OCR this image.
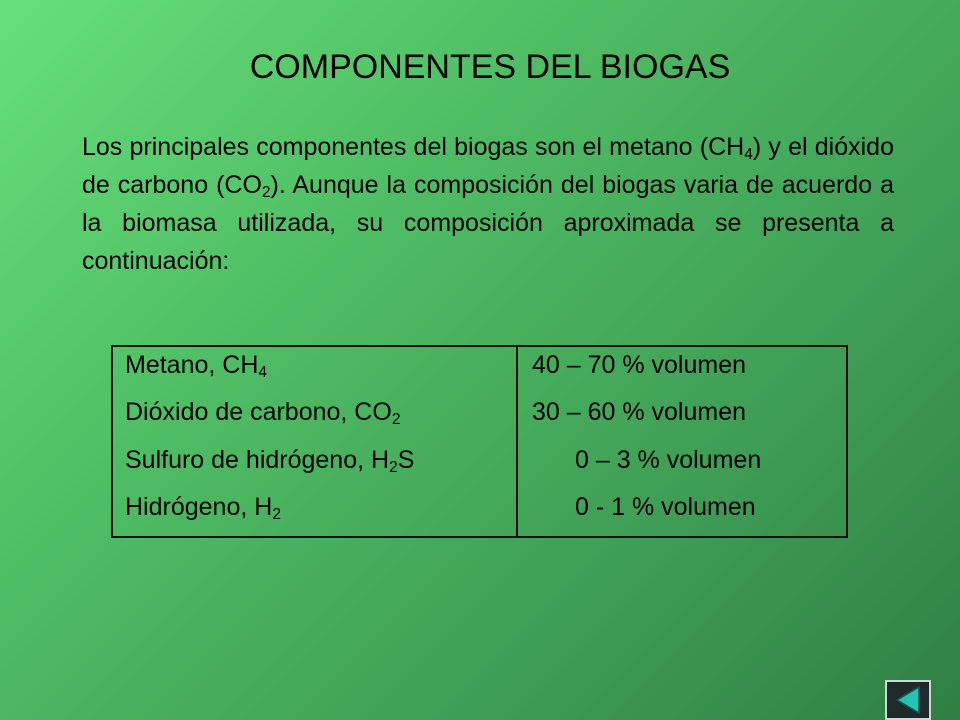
COMPONENTES DEL BIOGAS
Los principales componentes del biogas son el metano $(CH_4)$ y el dióxido de carbono $(CO_2)$. Aunque la composición del biogas varia de acuerdo a la biomasa utilizada, su composición aproximada se presenta a continuación:
Metano, $CH_4$	40 – 70 % volumen
Dióxido de carbono, $CO_2$	30 – 60 % volumen
Sulfuro de hidrógeno, $H_2S$	0 – 3 % volumen
Hidrógeno, $H_2$	0 - 1 % volumen
